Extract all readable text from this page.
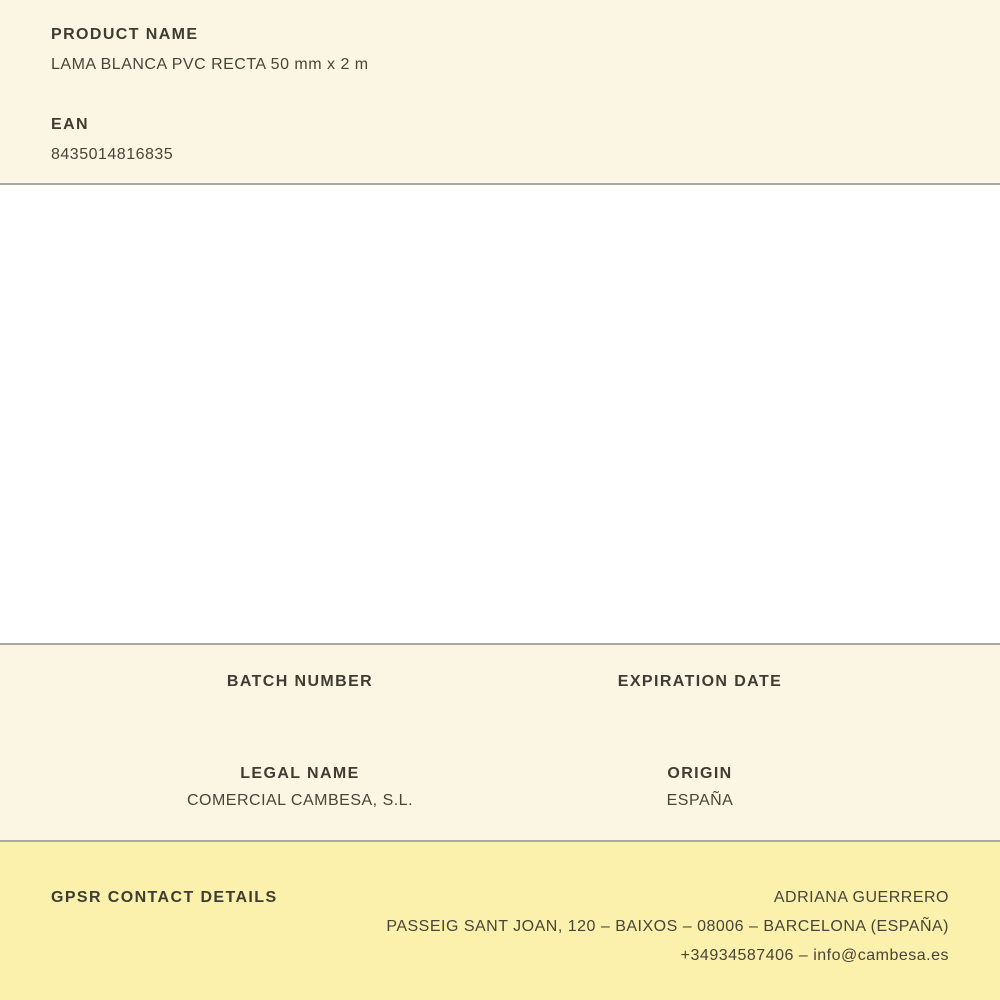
PRODUCT NAME

LAMA BLANCA PVC RECTA 50 mm x 2 m

EAN

8435014816835

BATCH NUMBER	EXPIRATION DATE

LEGAL NAME

COMERCIAL CAMBESA, S.L.

ORIGIN

ESPAÑA

GPSR CONTACT DETAILS	ADRIANA GUERRERO

PASSEIG SANT JOAN, 120 – BAIXOS – 08006 – BARCELONA (ESPAÑA)

+34934587406 – info@cambesa.es
